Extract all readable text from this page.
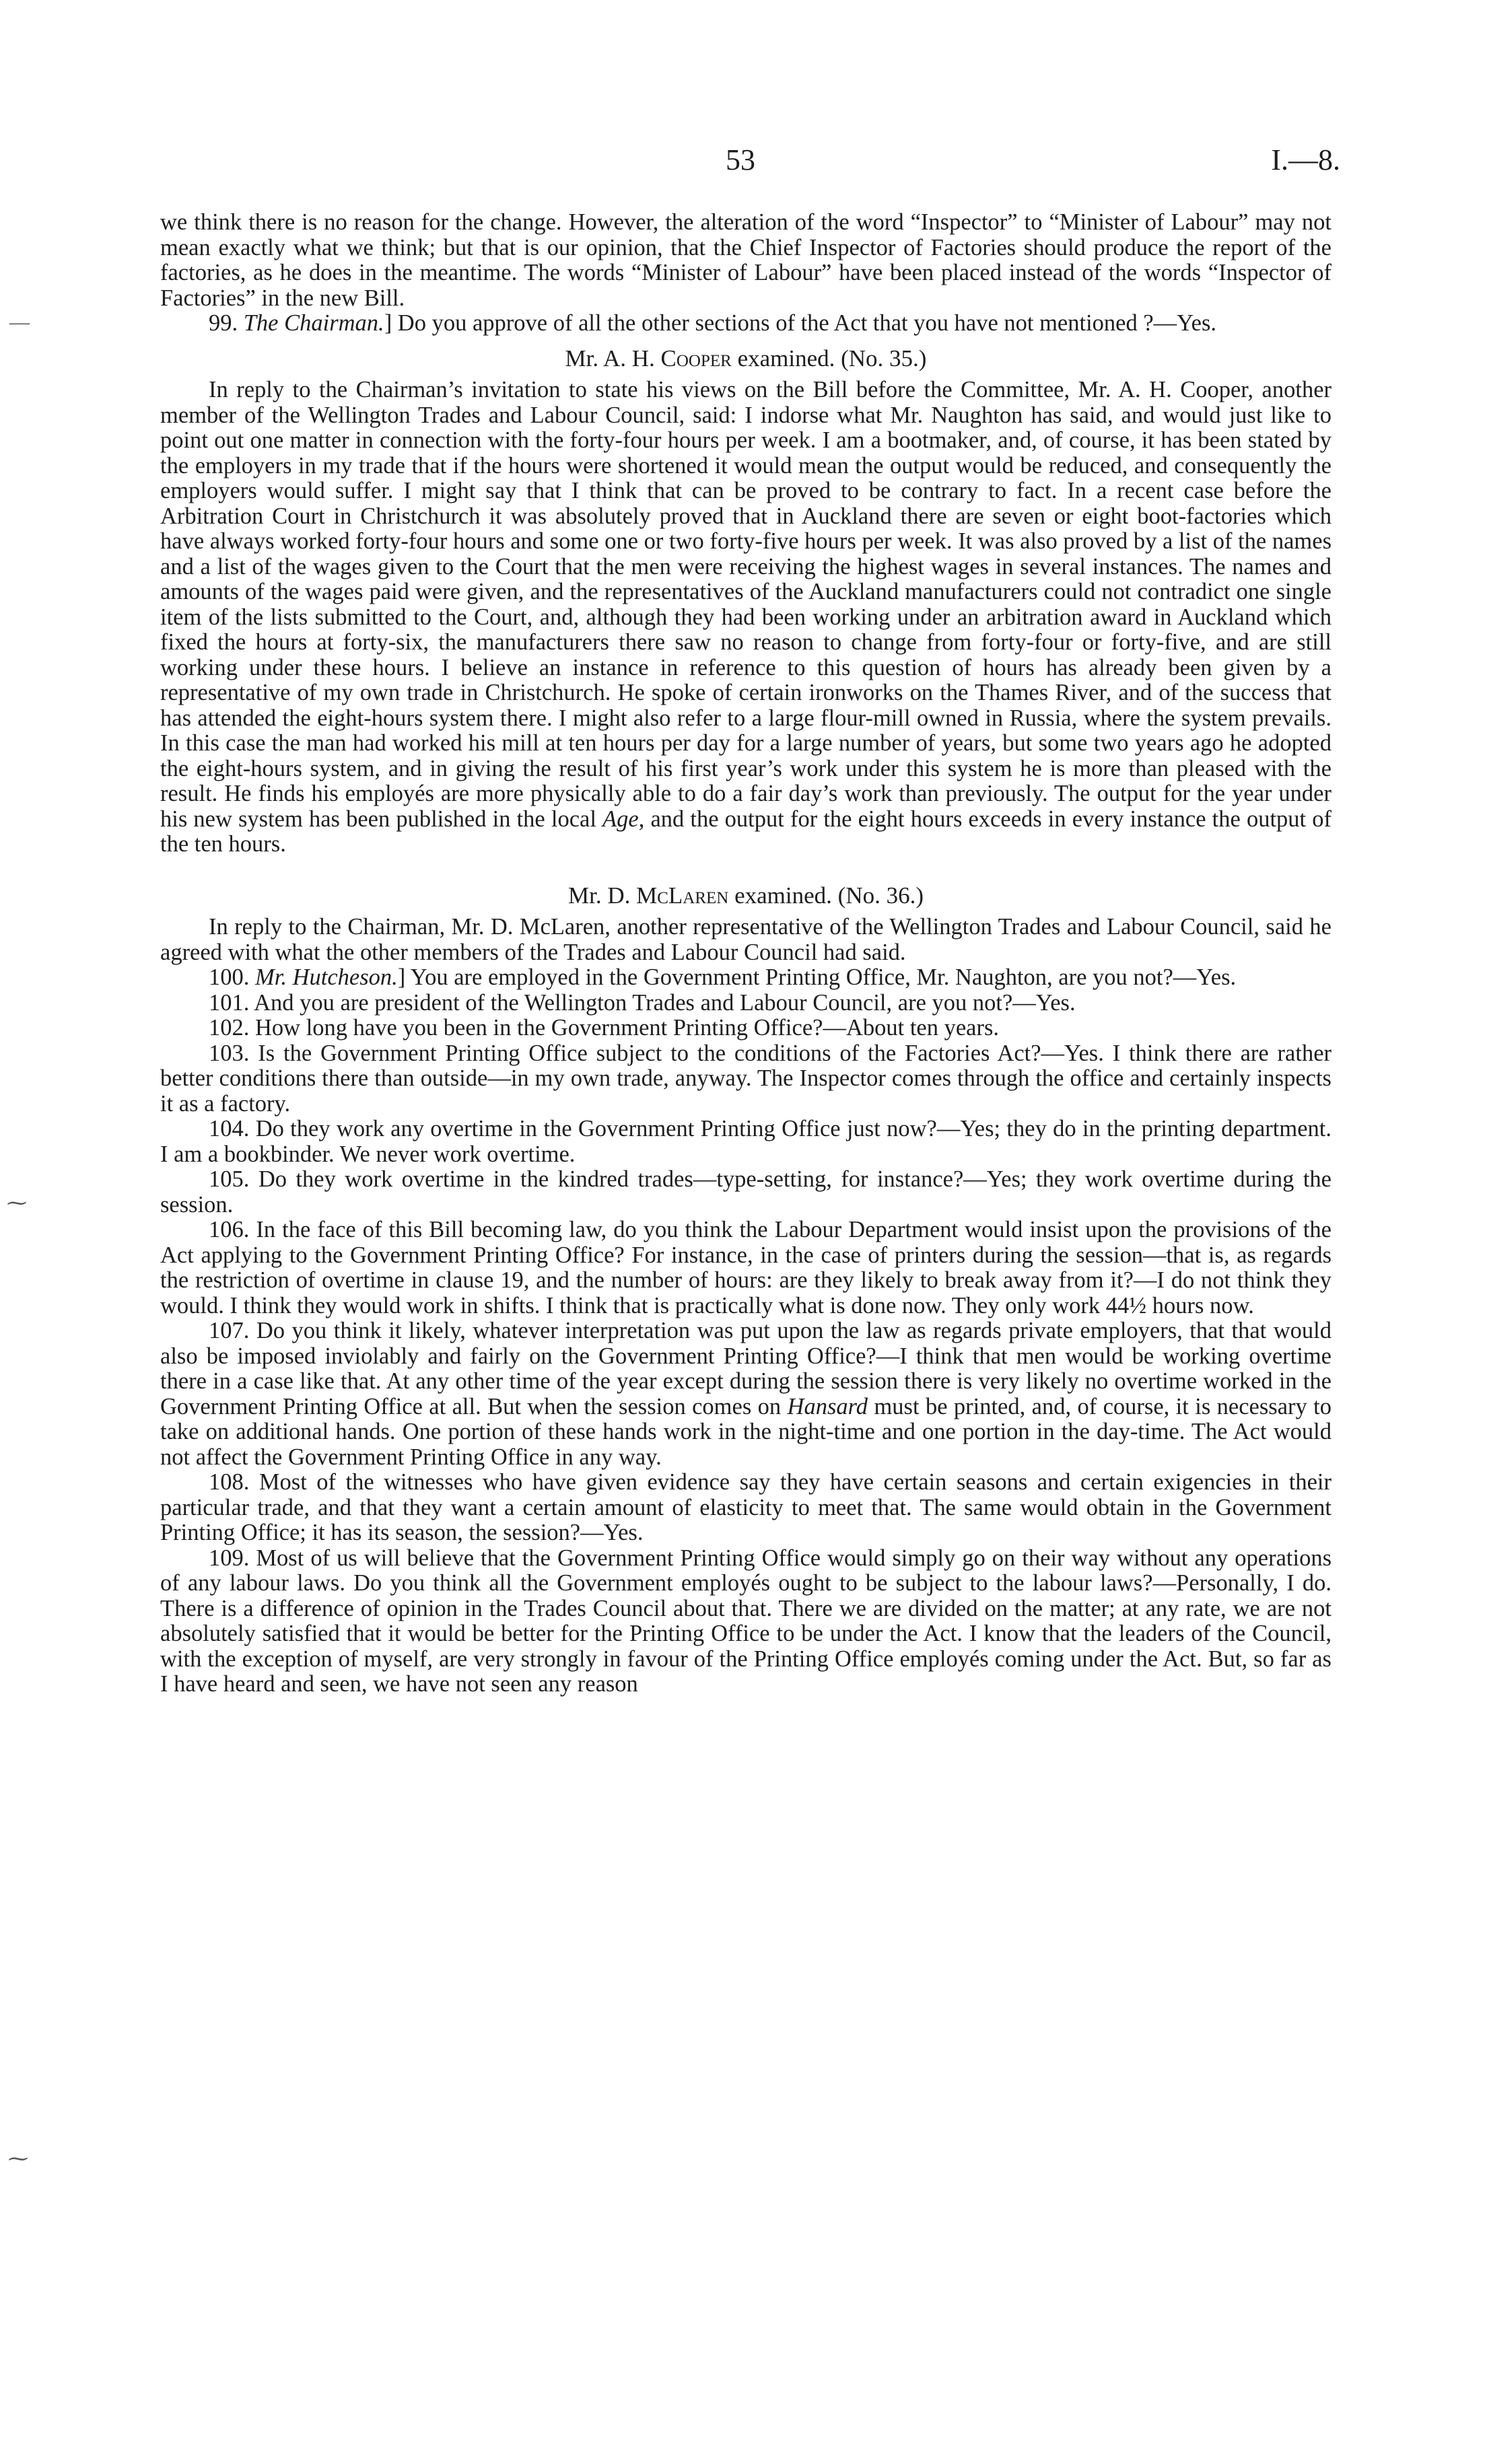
53	I.—8.
—
⁓
⁓

we think there is no reason for the change. However, the alteration of the word “Inspector” to “Minister of Labour” may not mean exactly what we think; but that is our opinion, that the Chief Inspector of Factories should produce the report of the factories, as he does in the meantime. The words “Minister of Labour” have been placed instead of the words “Inspector of Factories” in the new Bill.

99. The Chairman.] Do you approve of all the other sections of the Act that you have not mentioned ?—Yes.

Mr. A. H. Cooper examined. (No. 35.)

In reply to the Chairman’s invitation to state his views on the Bill before the Committee, Mr. A. H. Cooper, another member of the Wellington Trades and Labour Council, said: I indorse what Mr. Naughton has said, and would just like to point out one matter in connection with the forty-four hours per week. I am a bootmaker, and, of course, it has been stated by the employers in my trade that if the hours were shortened it would mean the output would be reduced, and consequently the employers would suffer. I might say that I think that can be proved to be contrary to fact. In a recent case before the Arbitration Court in Christchurch it was absolutely proved that in Auckland there are seven or eight boot-factories which have always worked forty-four hours and some one or two forty-five hours per week. It was also proved by a list of the names and a list of the wages given to the Court that the men were receiving the highest wages in several instances. The names and amounts of the wages paid were given, and the representatives of the Auckland manufacturers could not contradict one single item of the lists submitted to the Court, and, although they had been working under an arbitration award in Auckland which fixed the hours at forty-six, the manufacturers there saw no reason to change from forty-four or forty-five, and are still working under these hours. I believe an instance in reference to this question of hours has already been given by a representative of my own trade in Christchurch. He spoke of certain ironworks on the Thames River, and of the success that has attended the eight-hours system there. I might also refer to a large flour-mill owned in Russia, where the system prevails. In this case the man had worked his mill at ten hours per day for a large number of years, but some two years ago he adopted the eight-hours system, and in giving the result of his first year’s work under this system he is more than pleased with the result. He finds his employés are more physically able to do a fair day’s work than previously. The output for the year under his new system has been published in the local Age, and the output for the eight hours exceeds in every instance the output of the ten hours.

Mr. D. McLaren examined. (No. 36.)

In reply to the Chairman, Mr. D. McLaren, another representative of the Wellington Trades and Labour Council, said he agreed with what the other members of the Trades and Labour Council had said.

100. Mr. Hutcheson.] You are employed in the Government Printing Office, Mr. Naughton, are you not?—Yes.

101. And you are president of the Wellington Trades and Labour Council, are you not?—Yes.

102. How long have you been in the Government Printing Office?—About ten years.

103. Is the Government Printing Office subject to the conditions of the Factories Act?—Yes. I think there are rather better conditions there than outside—in my own trade, anyway. The Inspector comes through the office and certainly inspects it as a factory.

104. Do they work any overtime in the Government Printing Office just now?—Yes; they do in the printing department. I am a bookbinder. We never work overtime.

105. Do they work overtime in the kindred trades—type-setting, for instance?—Yes; they work overtime during the session.

106. In the face of this Bill becoming law, do you think the Labour Department would insist upon the provisions of the Act applying to the Government Printing Office? For instance, in the case of printers during the session—that is, as regards the restriction of overtime in clause 19, and the number of hours: are they likely to break away from it?—I do not think they would. I think they would work in shifts. I think that is practically what is done now. They only work 44½ hours now.

107. Do you think it likely, whatever interpretation was put upon the law as regards private employers, that that would also be imposed inviolably and fairly on the Government Printing Office?—I think that men would be working overtime there in a case like that. At any other time of the year except during the session there is very likely no overtime worked in the Government Printing Office at all. But when the session comes on Hansard must be printed, and, of course, it is necessary to take on additional hands. One portion of these hands work in the night-time and one portion in the day-time. The Act would not affect the Government Printing Office in any way.

108. Most of the witnesses who have given evidence say they have certain seasons and certain exigencies in their particular trade, and that they want a certain amount of elasticity to meet that. The same would obtain in the Government Printing Office; it has its season, the session?—Yes.

109. Most of us will believe that the Government Printing Office would simply go on their way without any operations of any labour laws. Do you think all the Government employés ought to be subject to the labour laws?—Personally, I do. There is a difference of opinion in the Trades Council about that. There we are divided on the matter; at any rate, we are not absolutely satisfied that it would be better for the Printing Office to be under the Act. I know that the leaders of the Council, with the exception of myself, are very strongly in favour of the Printing Office employés coming under the Act. But, so far as I have heard and seen, we have not seen any reason
